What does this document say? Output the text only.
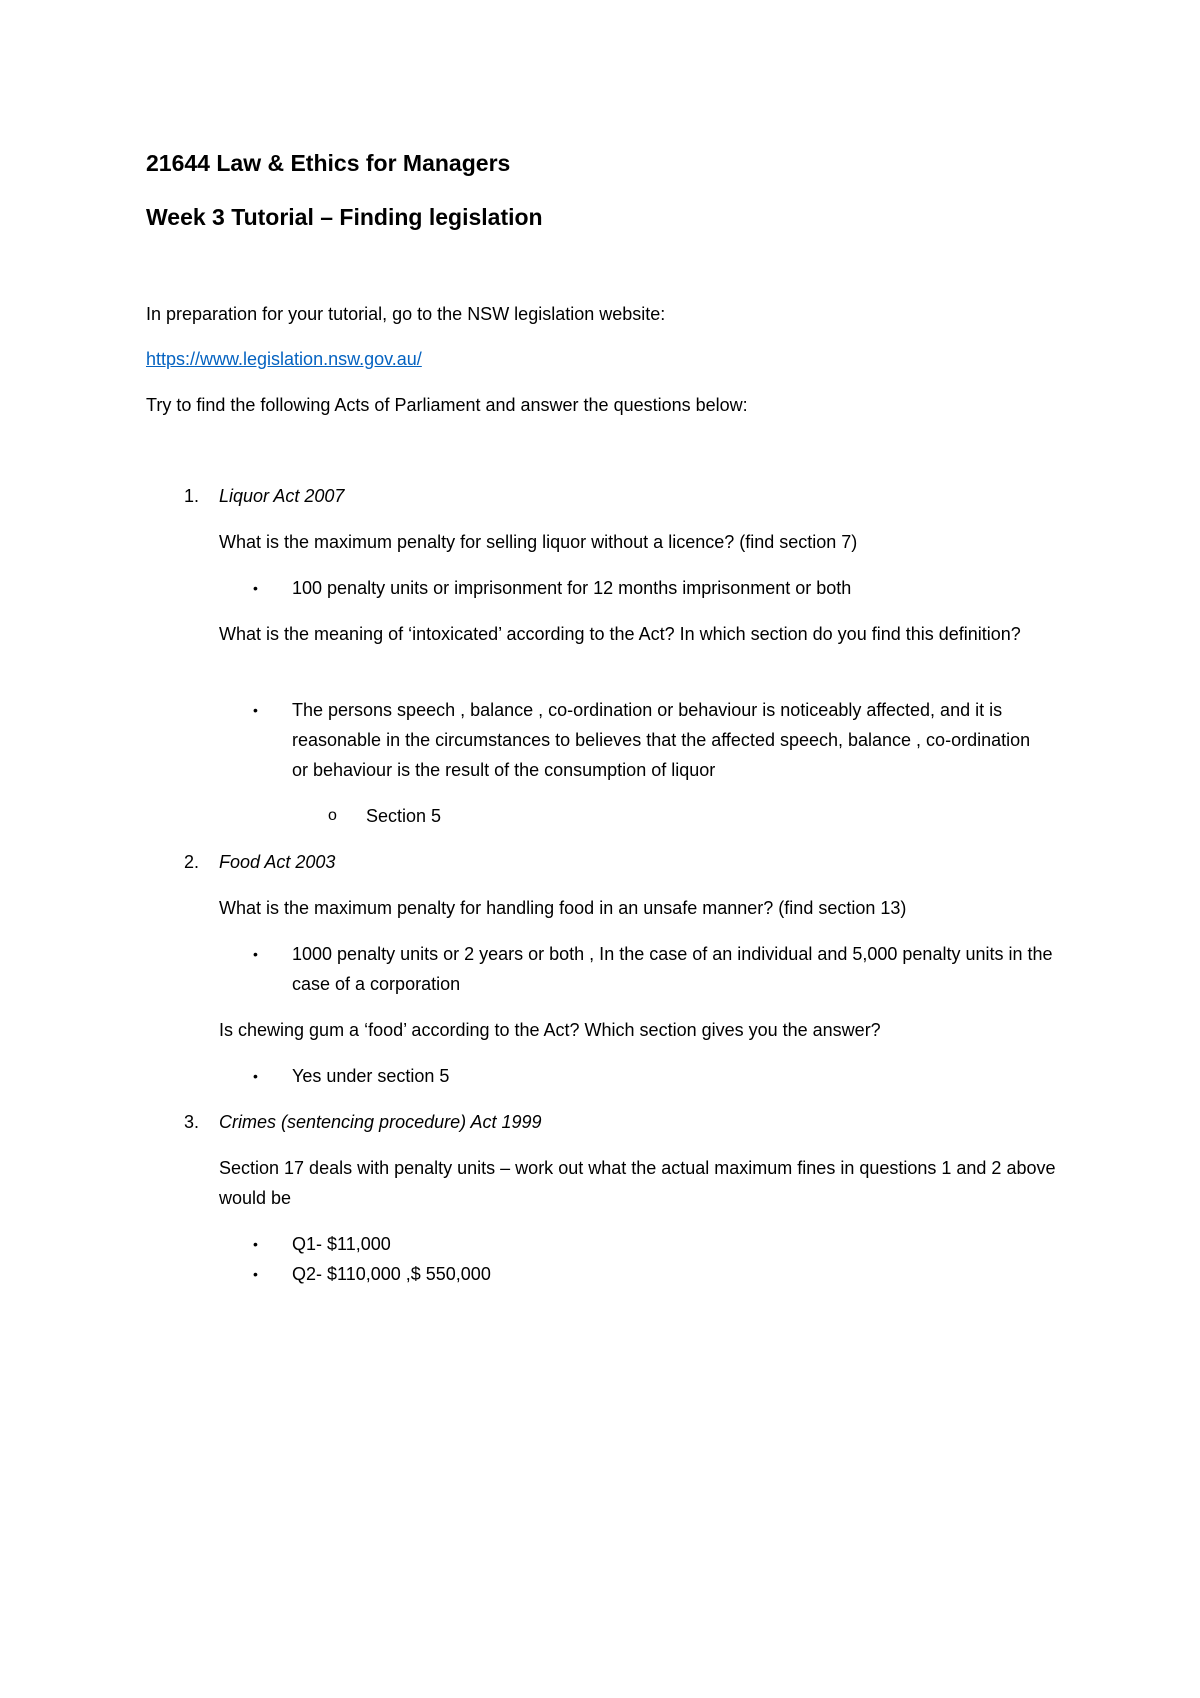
21644 Law & Ethics for Managers
Week 3 Tutorial – Finding legislation

In preparation for your tutorial, go to the NSW legislation website:

https://www.legislation.nsw.gov.au/

Try to find the following Acts of Parliament and answer the questions below:

1. Liquor Act 2007

What is the maximum penalty for selling liquor without a licence? (find section 7)

• 100 penalty units or imprisonment for 12 months imprisonment or both

What is the meaning of ‘intoxicated’ according to the Act? In which section do you find this definition?

• The persons speech , balance , co-ordination or behaviour is noticeably affected, and it is reasonable in the circumstances to believes that the affected speech, balance , co-ordination or behaviour is the result of the consumption of liquor

o Section 5

2. Food Act 2003

What is the maximum penalty for handling food in an unsafe manner? (find section 13)

• 1000 penalty units or 2 years or both , In the case of an individual and 5,000 penalty units in the case of a corporation

Is chewing gum a ‘food’ according to the Act? Which section gives you the answer?

• Yes under section 5

3. Crimes (sentencing procedure) Act 1999

Section 17 deals with penalty units – work out what the actual maximum fines in questions 1 and 2 above would be

• Q1- $11,000

• Q2- $110,000 ,$ 550,000
